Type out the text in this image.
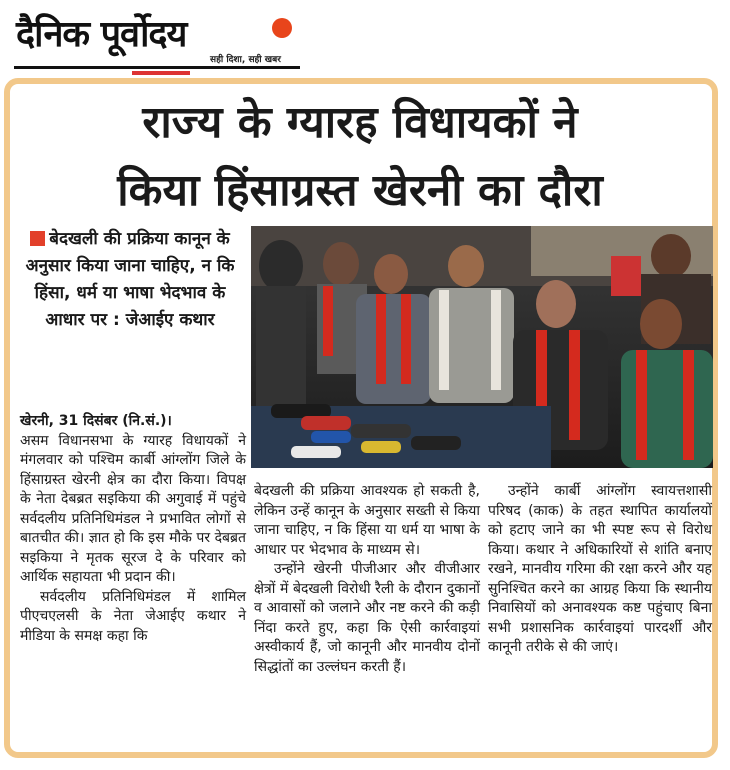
दैनिक पूर्वोदय
सही दिशा, सही खबर
राज्य के ग्यारह विधायकों ने
किया हिंसाग्रस्त खेरनी का दौरा
बेदखली की प्रक्रिया कानून के अनुसार किया जाना चाहिए, न कि हिंसा, धर्म या भाषा भेदभाव के आधार पर : जेआईए कथार

खेरनी, 31 दिसंबर (नि.सं.)।

असम विधानसभा के ग्यारह विधायकों ने मंगलवार को पश्चिम कार्बी आंग्लोंग जिले के हिंसाग्रस्त खेरनी क्षेत्र का दौरा किया। विपक्ष के नेता देबब्रत सइकिया की अगुवाई में पहुंचे सर्वदलीय प्रतिनिधिमंडल ने प्रभावित लोगों से बातचीत की। ज्ञात हो कि इस मौके पर देबब्रत सइकिया ने मृतक सूरज दे के परिवार को आर्थिक सहायता भी प्रदान की।

सर्वदलीय प्रतिनिधिमंडल में शामिल पीएचएलसी के नेता जेआईए कथार ने मीडिया के समक्ष कहा कि

बेदखली की प्रक्रिया आवश्यक हो सकती है, लेकिन उन्हें कानून के अनुसार सख्ती से किया जाना चाहिए, न कि हिंसा या धर्म या भाषा के आधार पर भेदभाव के माध्यम से।

उन्होंने खेरनी पीजीआर और वीजीआर क्षेत्रों में बेदखली विरोधी रैली के दौरान दुकानों व आवासों को जलाने और नष्ट करने की कड़ी निंदा करते हुए, कहा कि ऐसी कार्रवाइयां अस्वीकार्य हैं, जो कानूनी और मानवीय दोनों सिद्धांतों का उल्लंघन करती हैं।

उन्होंने कार्बी आंग्लोंग स्वायत्तशासी परिषद (काक) के तहत स्थापित कार्यालयों को हटाए जाने का भी स्पष्ट रूप से विरोध किया। कथार ने अधिकारियों से शांति बनाए रखने, मानवीय गरिमा की रक्षा करने और यह सुनिश्चित करने का आग्रह किया कि स्थानीय निवासियों को अनावश्यक कष्ट पहुंचाए बिना सभी प्रशासनिक कार्रवाइयां पारदर्शी और कानूनी तरीके से की जाएं।
